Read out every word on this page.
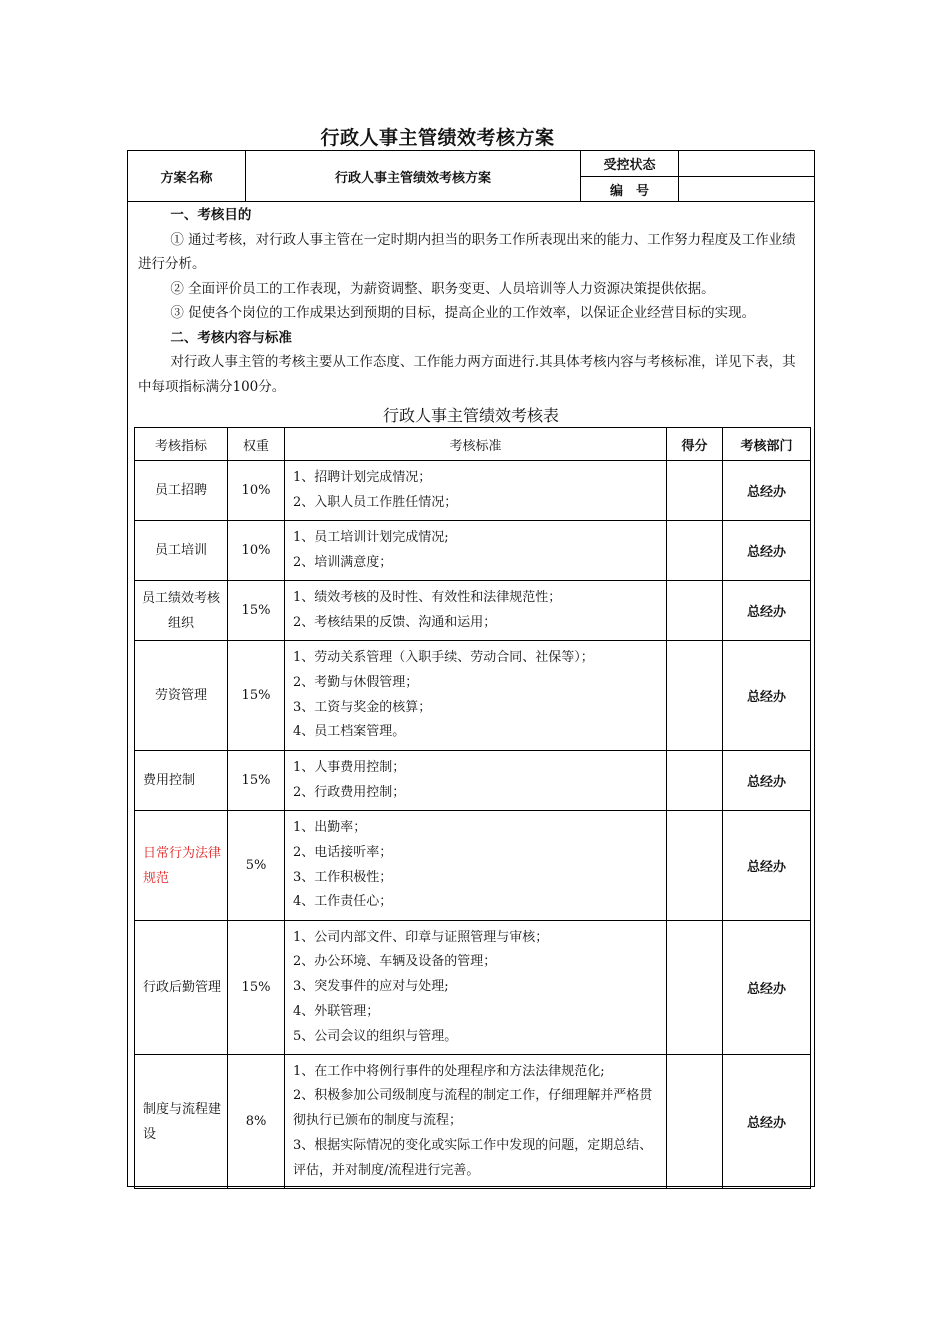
行政人事主管绩效考核方案
方案名称	行政人事主管绩效考核方案
受控状态
编　号

一、考核目的

① 通过考核，对行政人事主管在一定时期内担当的职务工作所表现出来的能力、工作努力程度及工作业绩进行分析。

② 全面评价员工的工作表现，为薪资调整、职务变更、人员培训等人力资源决策提供依据。

③ 促使各个岗位的工作成果达到预期的目标，提高企业的工作效率，以保证企业经营目标的实现。

二、考核内容与标准

对行政人事主管的考核主要从工作态度、工作能力两方面进行.其具体考核内容与考核标准，详见下表，其中每项指标满分100分。

行政人事主管绩效考核表
考核指标	权重	考核标准	得分	考核部门
员工招聘	10%	1、招聘计划完成情况；
2、入职人员工作胜任情况；		总经办
员工培训	10%	1、员工培训计划完成情况;
2、培训满意度；		总经办
员工绩效考核组织	15%	1、绩效考核的及时性、有效性和法律规范性；
2、考核结果的反馈、沟通和运用；		总经办
劳资管理	15%	1、劳动关系管理（入职手续、劳动合同、社保等）；
2、考勤与休假管理；
3、工资与奖金的核算；
4、员工档案管理。		总经办
费用控制	15%	1、人事费用控制；
2、行政费用控制；		总经办
日常行为法律规范	5%	1、出勤率；
2、电话接听率；
3、工作积极性；
4、工作责任心；		总经办
行政后勤管理	15%	1、公司内部文件、印章与证照管理与审核；
2、办公环境、车辆及设备的管理；
3、突发事件的应对与处理;
4、外联管理；
5、公司会议的组织与管理。		总经办
制度与流程建设	8%	1、在工作中将例行事件的处理程序和方法法律规范化;
2、积极参加公司级制度与流程的制定工作，仔细理解并严格贯彻执行已颁布的制度与流程；
3、根据实际情况的变化或实际工作中发现的问题，定期总结、评估，并对制度/流程进行完善。		总经办
